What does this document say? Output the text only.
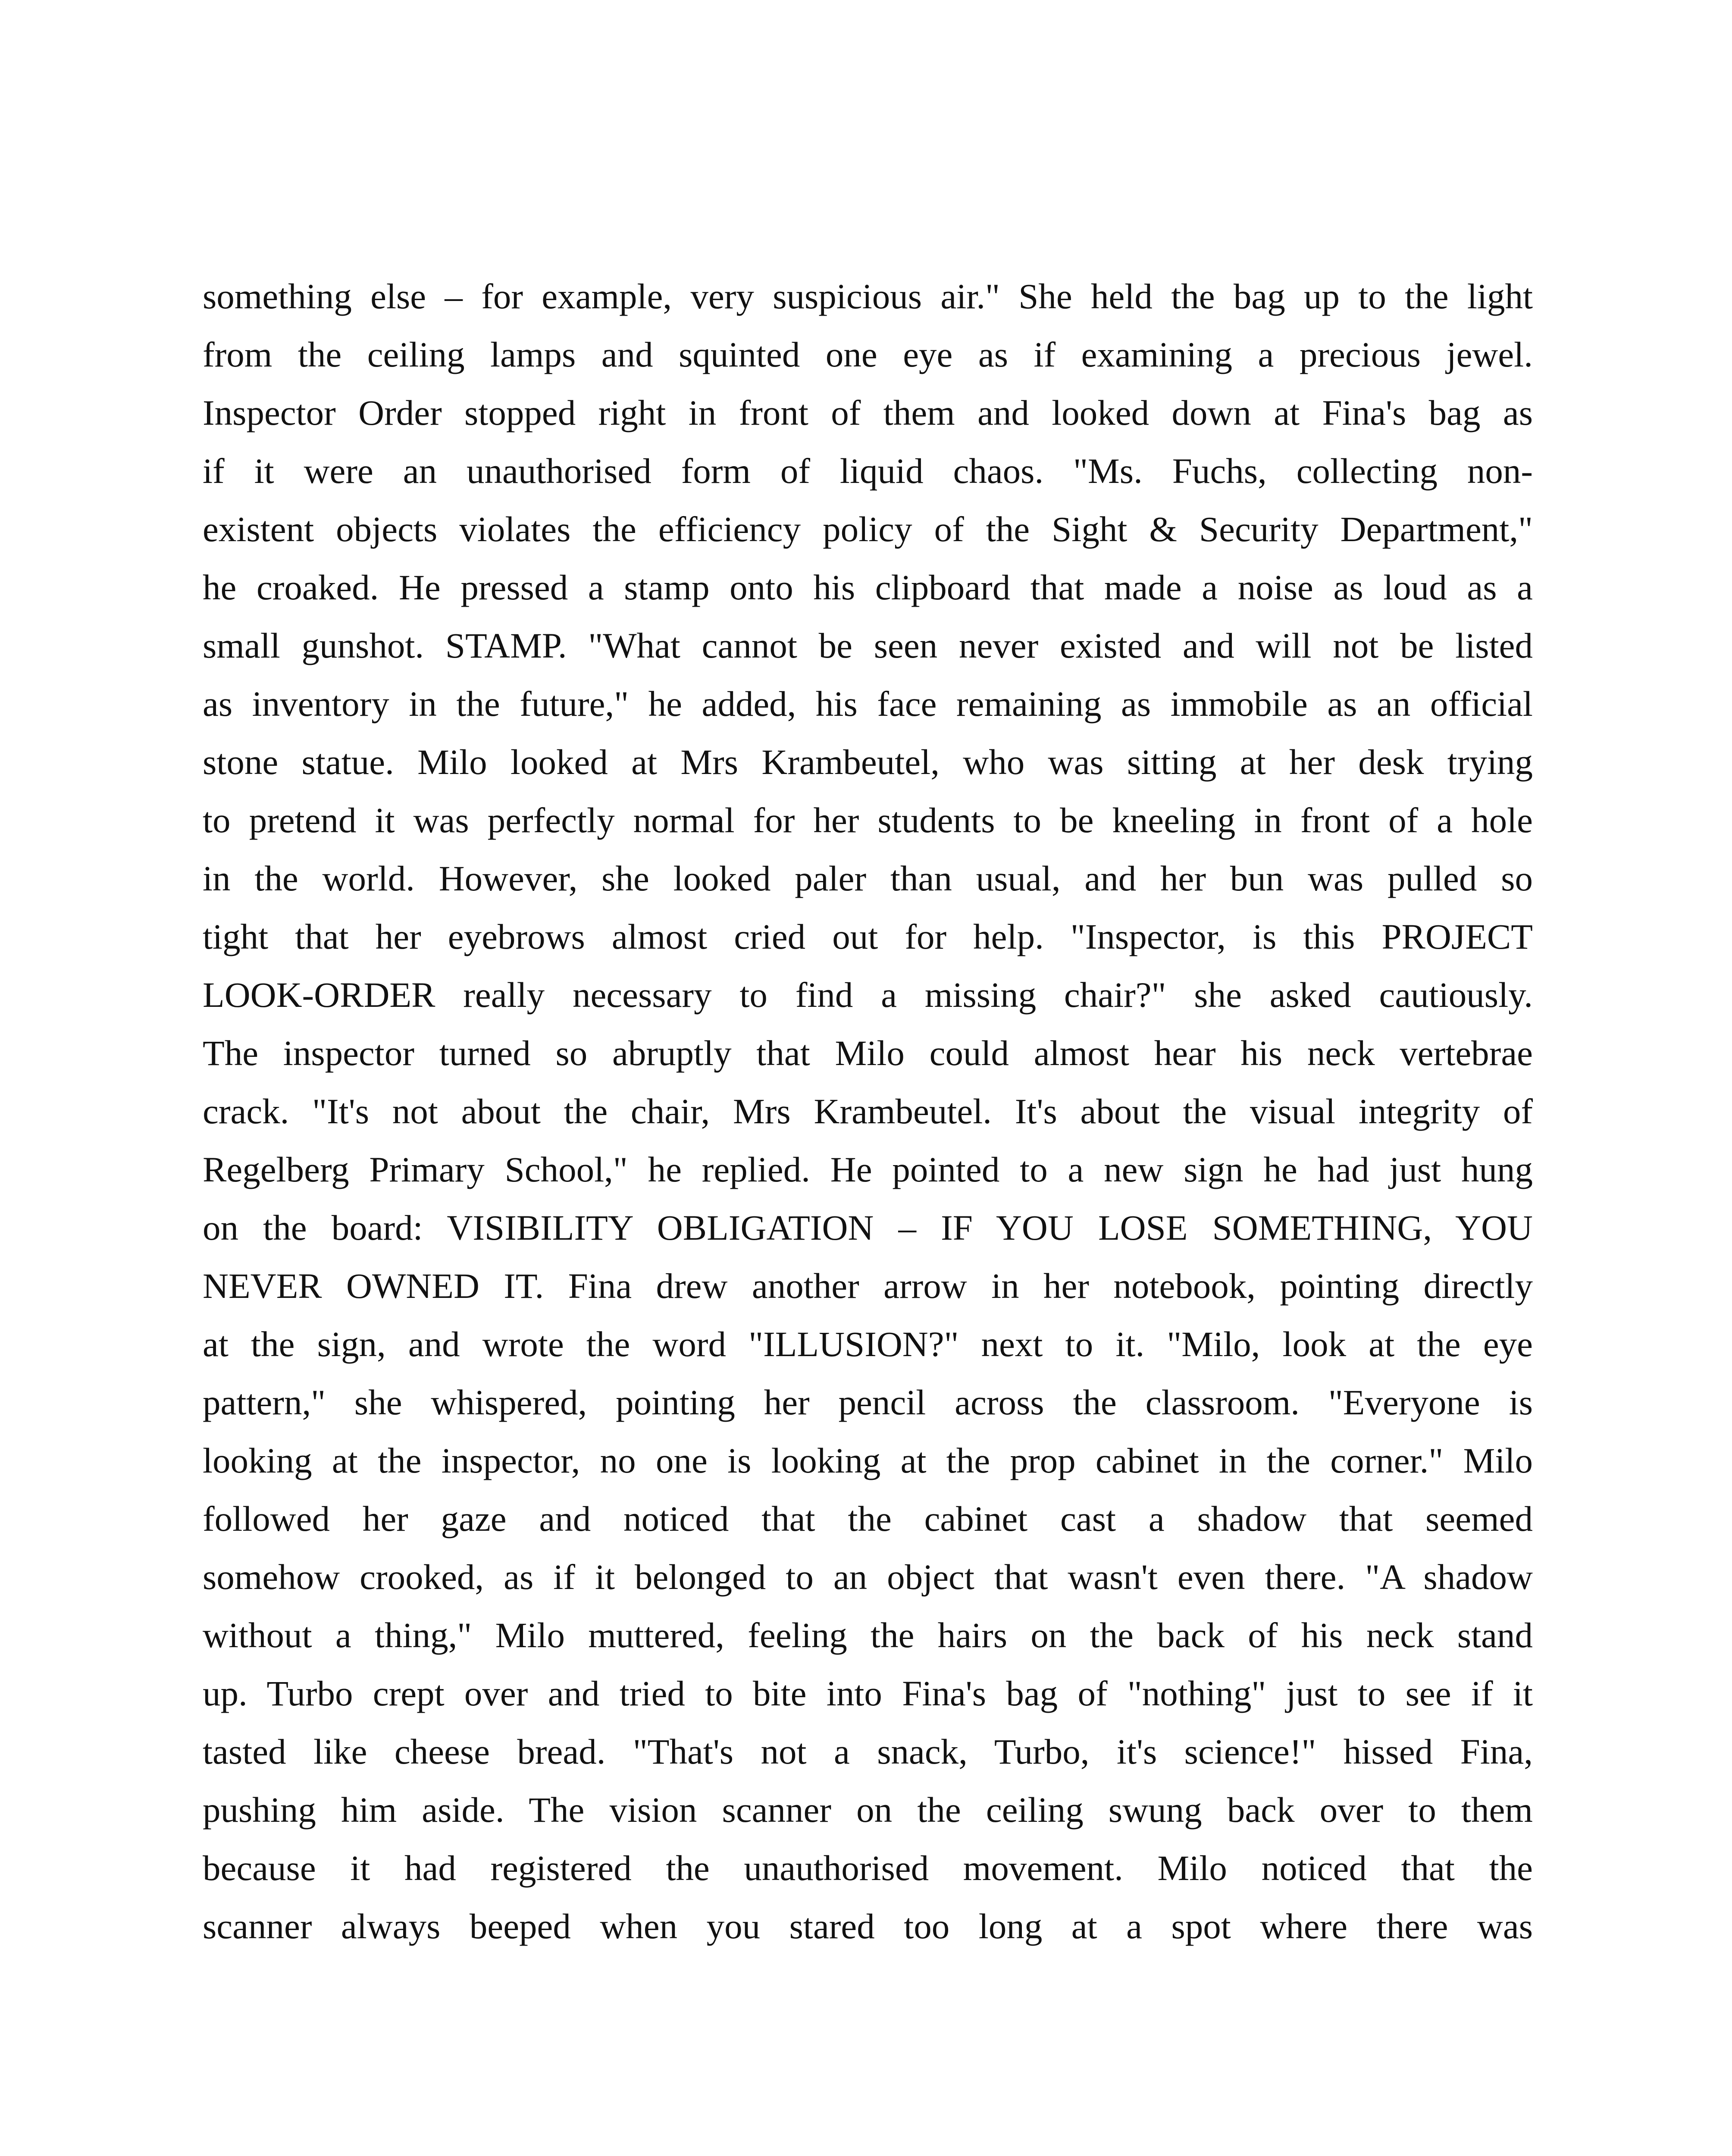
something else – for example, very suspicious air." She held the bag up to the light
from the ceiling lamps and squinted one eye as if examining a precious jewel.
Inspector Order stopped right in front of them and looked down at Fina's bag as
if it were an unauthorised form of liquid chaos. "Ms. Fuchs, collecting non-
existent objects violates the efficiency policy of the Sight & Security Department,"
he croaked. He pressed a stamp onto his clipboard that made a noise as loud as a
small gunshot. STAMP. "What cannot be seen never existed and will not be listed
as inventory in the future," he added, his face remaining as immobile as an official
stone statue. Milo looked at Mrs Krambeutel, who was sitting at her desk trying
to pretend it was perfectly normal for her students to be kneeling in front of a hole
in the world. However, she looked paler than usual, and her bun was pulled so
tight that her eyebrows almost cried out for help. "Inspector, is this PROJECT
LOOK-ORDER really necessary to find a missing chair?" she asked cautiously.
The inspector turned so abruptly that Milo could almost hear his neck vertebrae
crack. "It's not about the chair, Mrs Krambeutel. It's about the visual integrity of
Regelberg Primary School," he replied. He pointed to a new sign he had just hung
on the board: VISIBILITY OBLIGATION – IF YOU LOSE SOMETHING, YOU
NEVER OWNED IT. Fina drew another arrow in her notebook, pointing directly
at the sign, and wrote the word "ILLUSION?" next to it. "Milo, look at the eye
pattern," she whispered, pointing her pencil across the classroom. "Everyone is
looking at the inspector, no one is looking at the prop cabinet in the corner." Milo
followed her gaze and noticed that the cabinet cast a shadow that seemed
somehow crooked, as if it belonged to an object that wasn't even there. "A shadow
without a thing," Milo muttered, feeling the hairs on the back of his neck stand
up. Turbo crept over and tried to bite into Fina's bag of "nothing" just to see if it
tasted like cheese bread. "That's not a snack, Turbo, it's science!" hissed Fina,
pushing him aside. The vision scanner on the ceiling swung back over to them
because it had registered the unauthorised movement. Milo noticed that the
scanner always beeped when you stared too long at a spot where there was
